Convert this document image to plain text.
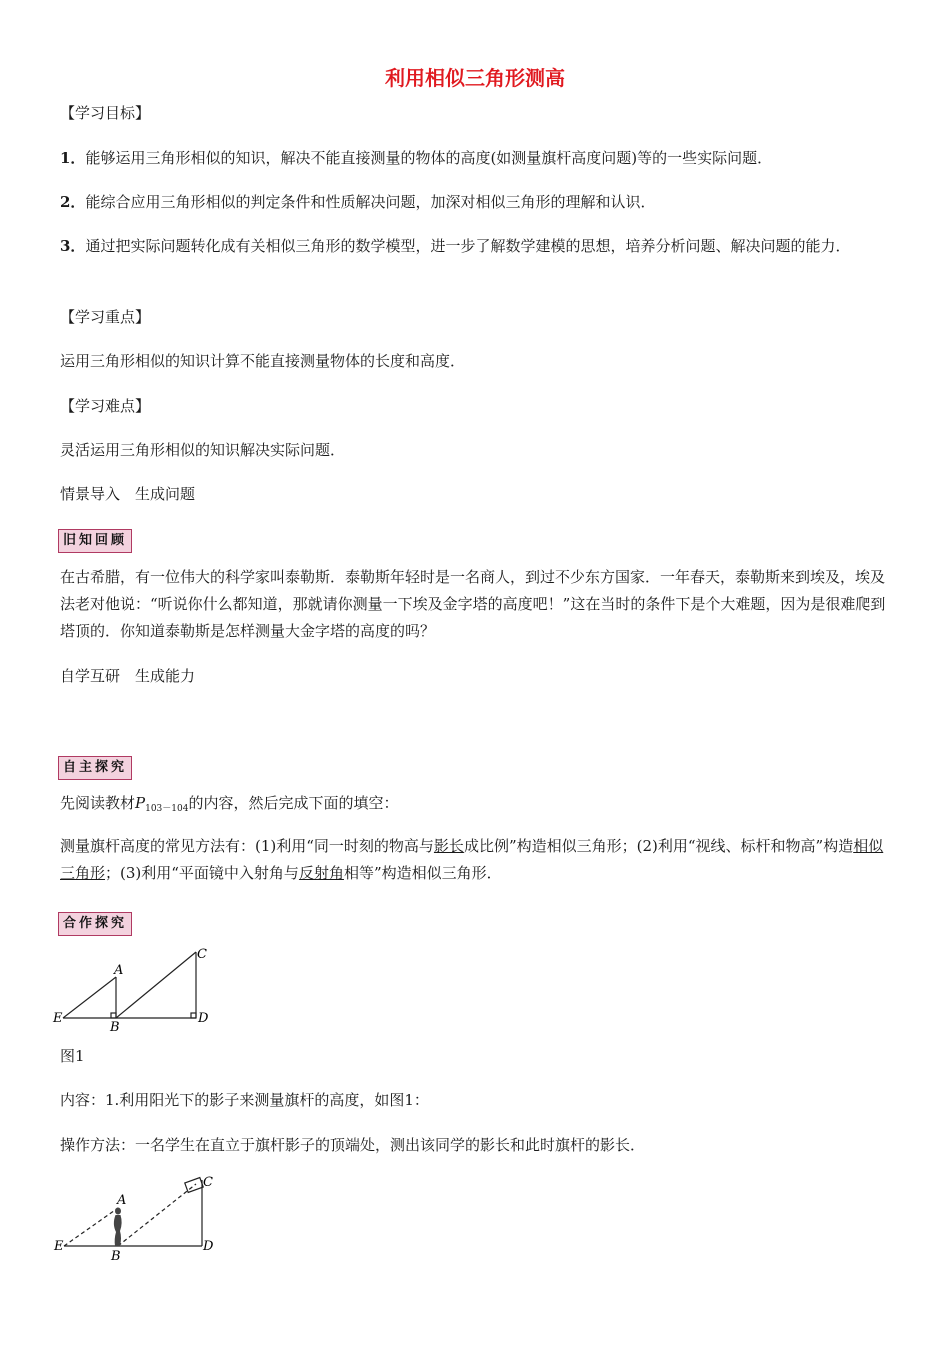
利用相似三角形测高
【学习目标】
1．能够运用三角形相似的知识，解决不能直接测量的物体的高度(如测量旗杆高度问题)等的一些实际问题．
2．能综合应用三角形相似的判定条件和性质解决问题，加深对相似三角形的理解和认识．
3．通过把实际问题转化成有关相似三角形的数学模型，进一步了解数学建模的思想，培养分析问题、解决问题的能力．
【学习重点】
运用三角形相似的知识计算不能直接测量物体的长度和高度．
【学习难点】
灵活运用三角形相似的知识解决实际问题．
情景导入　生成问题
旧知回顾
在古希腊，有一位伟大的科学家叫泰勒斯．泰勒斯年轻时是一名商人，到过不少东方国家．一年春天，泰勒斯来到埃及，埃及法老对他说：“听说你什么都知道，那就请你测量一下埃及金字塔的高度吧！”这在当时的条件下是个大难题，因为是很难爬到塔顶的．你知道泰勒斯是怎样测量大金字塔的高度的吗？
自学互研　生成能力
自主探究
先阅读教材$P_{103-104}$的内容，然后完成下面的填空：
测量旗杆高度的常见方法有：(1)利用“同一时刻的物高与影长成比例”构造相似三角形；(2)利用“视线、标杆和物高”构造相似三角形；(3)利用“平面镜中入射角与反射角相等”构造相似三角形．
合作探究
A
B
C
D
E
图1
内容：1.利用阳光下的影子来测量旗杆的高度，如图1：
操作方法：一名学生在直立于旗杆影子的顶端处，测出该同学的影长和此时旗杆的影长．
A
B
C
D
E
